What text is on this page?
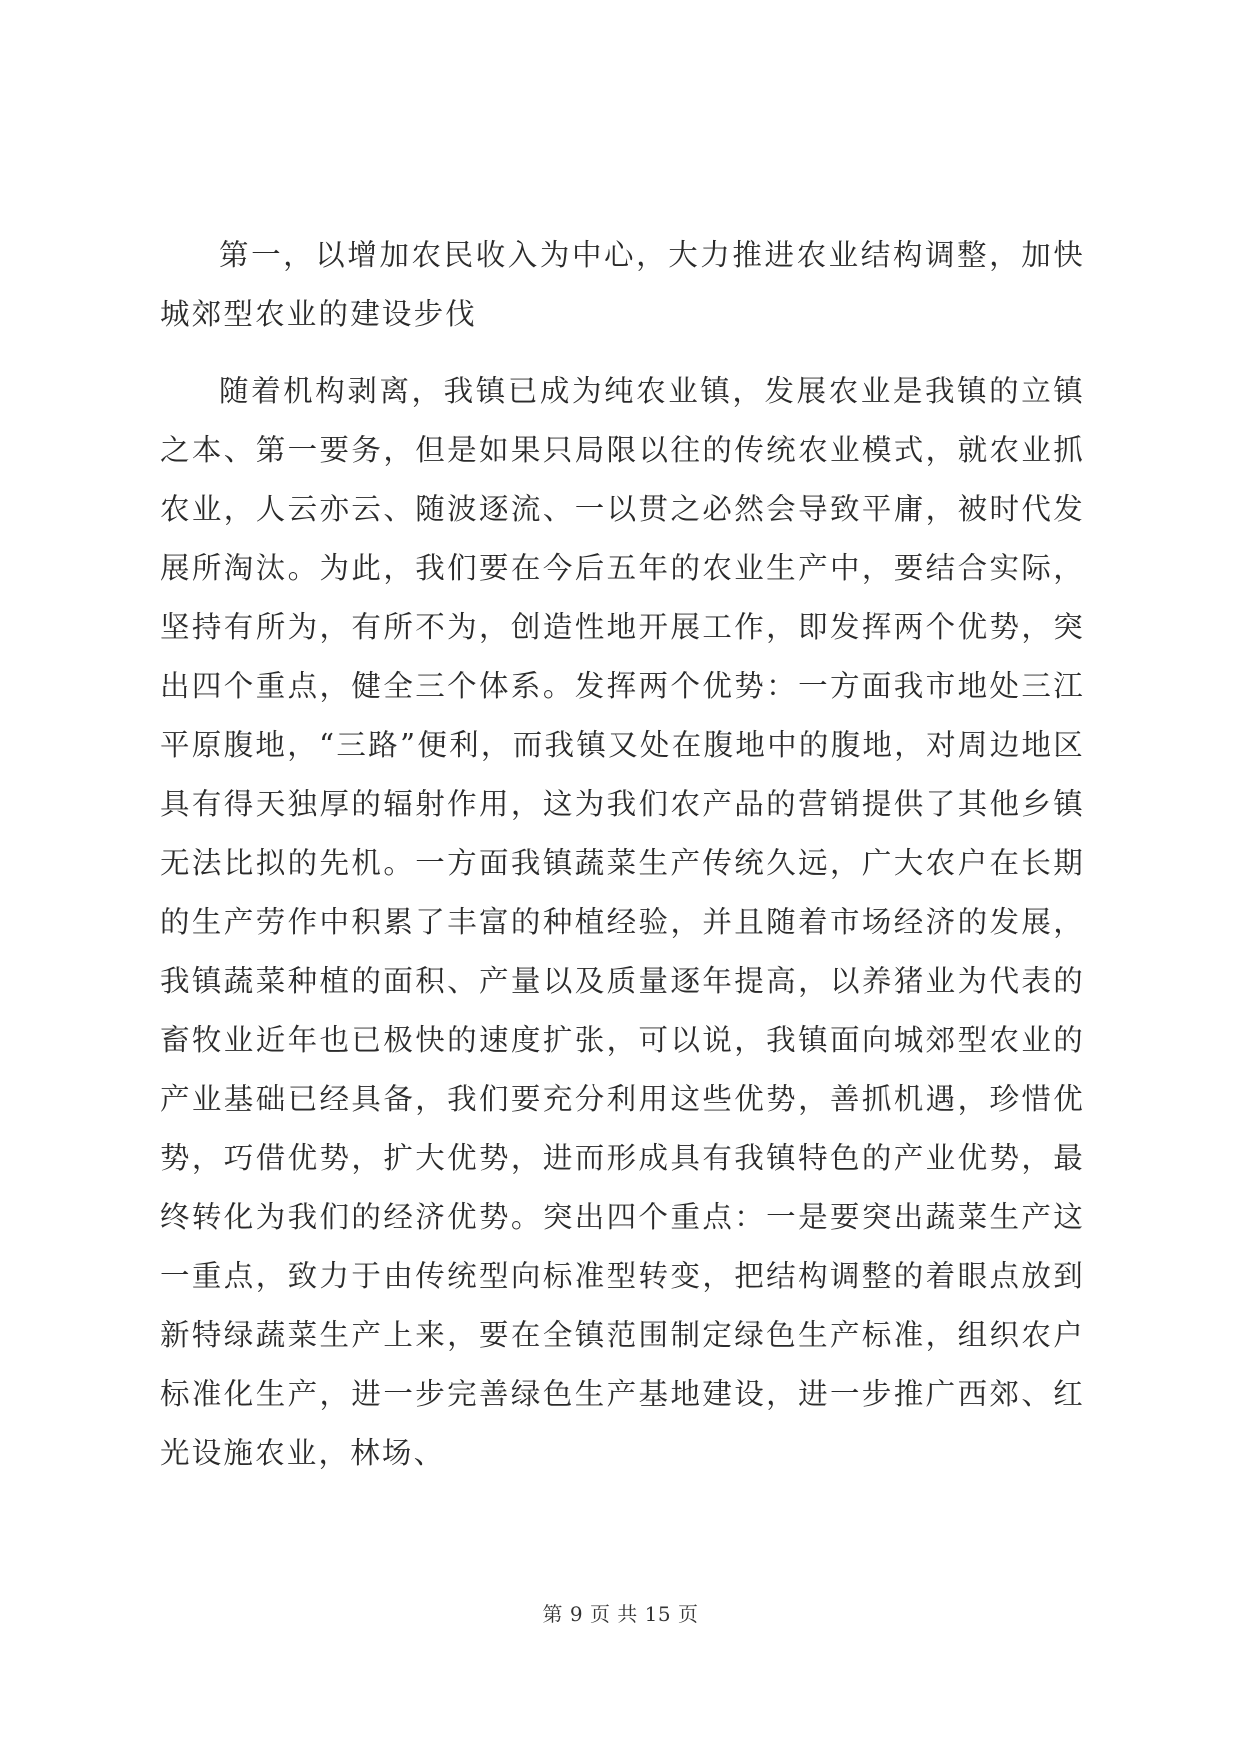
第一，以增加农民收入为中心，大力推进农业结构调整，加快城郊型农业的建设步伐

随着机构剥离，我镇已成为纯农业镇，发展农业是我镇的立镇之本、第一要务，但是如果只局限以往的传统农业模式，就农业抓农业，人云亦云、随波逐流、一以贯之必然会导致平庸，被时代发展所淘汰。为此，我们要在今后五年的农业生产中，要结合实际，坚持有所为，有所不为，创造性地开展工作，即发挥两个优势，突出四个重点，健全三个体系。发挥两个优势：一方面我市地处三江平原腹地，“三路”便利，而我镇又处在腹地中的腹地，对周边地区具有得天独厚的辐射作用，这为我们农产品的营销提供了其他乡镇无法比拟的先机。一方面我镇蔬菜生产传统久远，广大农户在长期的生产劳作中积累了丰富的种植经验，并且随着市场经济的发展，我镇蔬菜种植的面积、产量以及质量逐年提高，以养猪业为代表的畜牧业近年也已极快的速度扩张，可以说，我镇面向城郊型农业的产业基础已经具备，我们要充分利用这些优势，善抓机遇，珍惜优势，巧借优势，扩大优势，进而形成具有我镇特色的产业优势，最终转化为我们的经济优势。突出四个重点：一是要突出蔬菜生产这一重点，致力于由传统型向标准型转变，把结构调整的着眼点放到新特绿蔬菜生产上来，要在全镇范围制定绿色生产标准，组织农户标准化生产，进一步完善绿色生产基地建设，进一步推广西郊、红光设施农业，林场、

第 9 页 共 15 页
